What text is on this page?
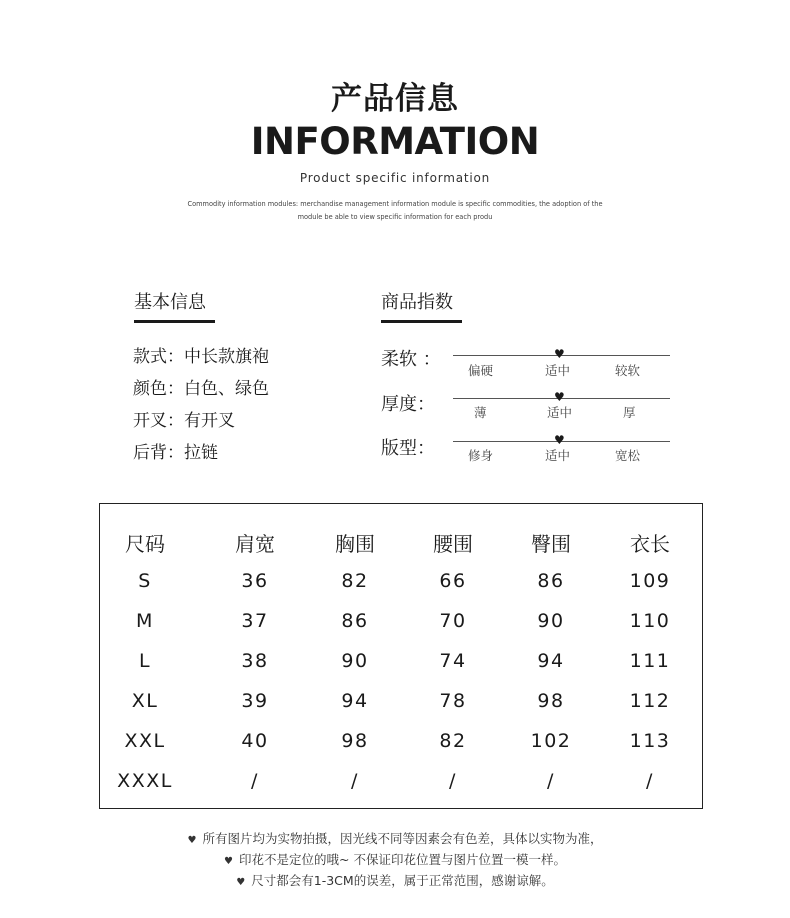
产品信息
INFORMATION
Product specific information
Commodity information modules: merchandise management information module is specific commodities, the adoption of the
module be able to view specific information for each produ
基本信息	商品指数
款式：中长款旗袍
颜色：白色、绿色
开叉：有开叉
后背：拉链
柔软 ：	♥
偏硬	适中	较软
厚度：	♥
薄	适中	厚
版型：	♥
修身	适中	宽松
尺码	肩宽	胸围	腰围	臀围	衣长
S	36	82	66	86	109
M	37	86	70	90	110
L	38	90	74	94	111
XL	39	94	78	98	112
XXL	40	98	82	102	113
XXXL	/	/	/	/	/
♥ 所有图片均为实物拍摄，因光线不同等因素会有色差，具体以实物为准，
♥ 印花不是定位的哦~ 不保证印花位置与图片位置一模一样。
♥ 尺寸都会有1-3CM的误差，属于正常范围，感谢谅解。
